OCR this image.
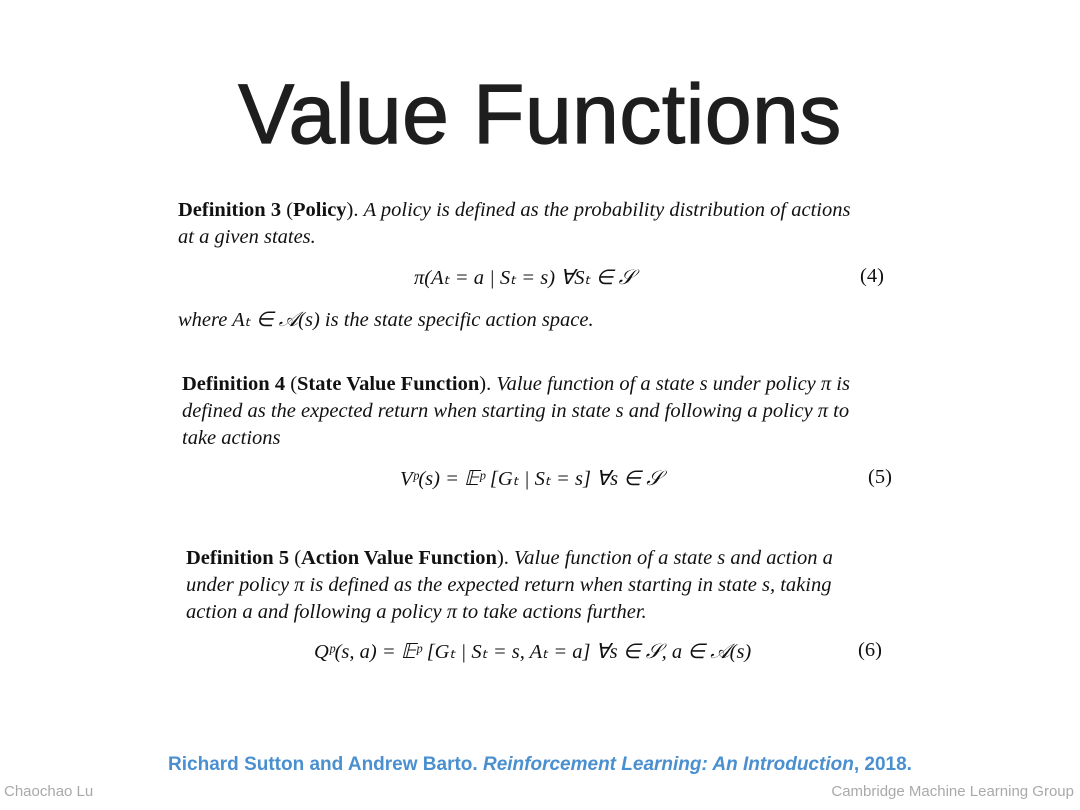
Value Functions
Definition 3 (Policy). A policy is defined as the probability distribution of actions
at a given states.
π(Aₜ = a | Sₜ = s) ∀Sₜ ∈ 𝒮	(4)
where Aₜ ∈ 𝒜(s) is the state specific action space.
Definition 4 (State Value Function). Value function of a state s under policy π is
defined as the expected return when starting in state s and following a policy π to
take actions
Vᵖ(s) = 𝔼ᵖ [Gₜ | Sₜ = s] ∀s ∈ 𝒮	(5)
Definition 5 (Action Value Function). Value function of a state s and action a
under policy π is defined as the expected return when starting in state s, taking
action a and following a policy π to take actions further.
Qᵖ(s, a) = 𝔼ᵖ [Gₜ | Sₜ = s, Aₜ = a] ∀s ∈ 𝒮, a ∈ 𝒜(s)	(6)
Richard Sutton and Andrew Barto. Reinforcement Learning: An Introduction, 2018.
Chaochao Lu	Cambridge Machine Learning Group
